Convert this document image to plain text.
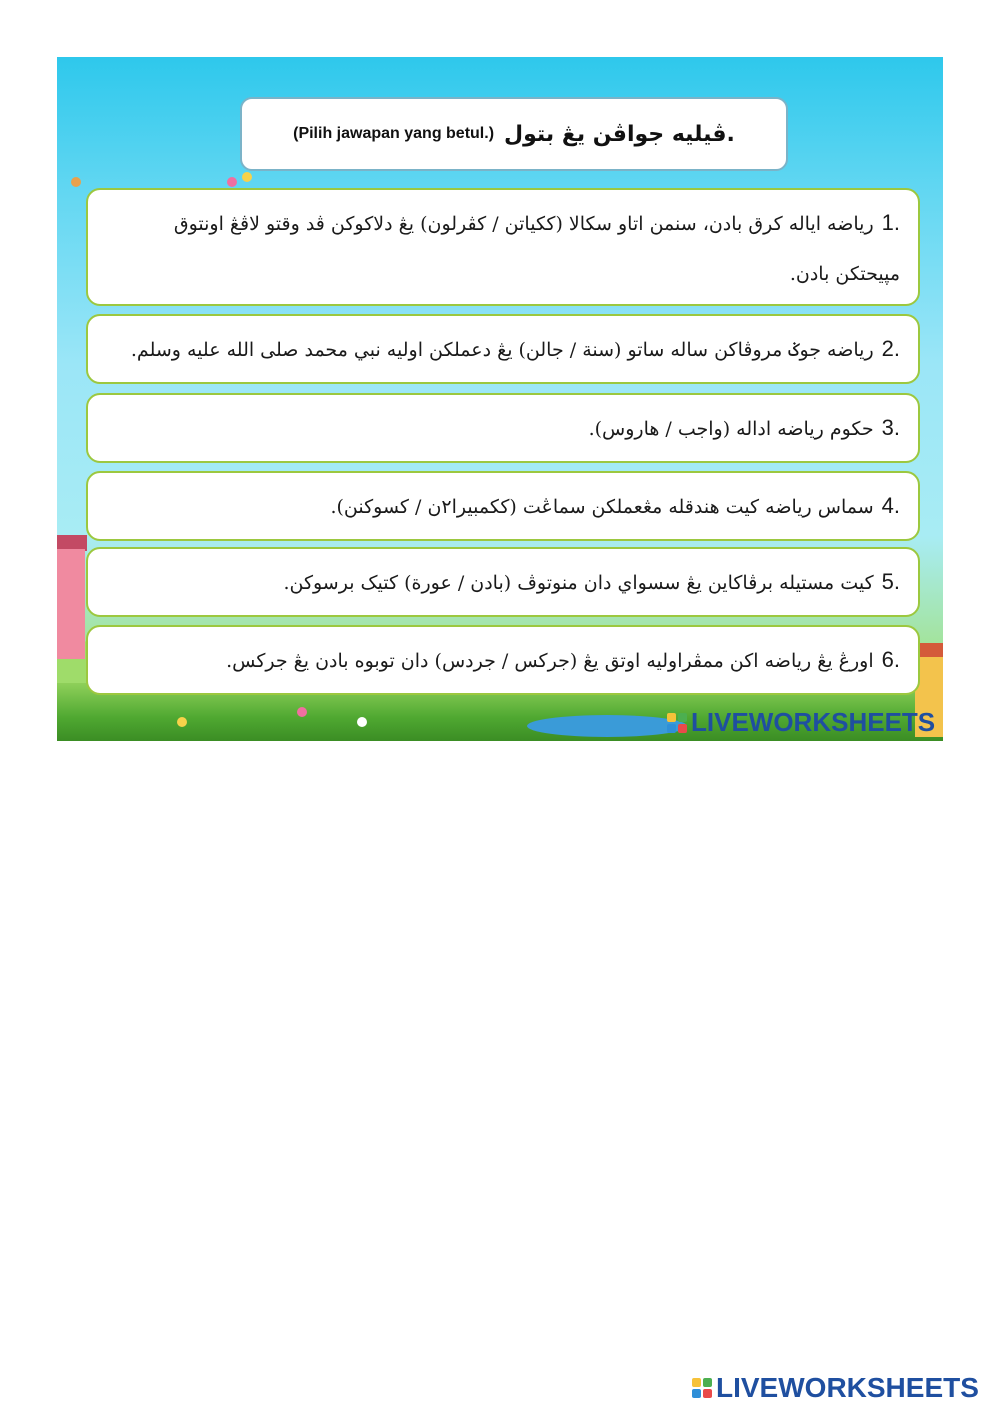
(Pilih jawapan yang betul.) ڤيليه جواڤن يڠ بتول.
1.رياضه اياله کرق بادن، سنمن اتاو سکالا (ککياتن / کڤرلون) يڠ دلاکوکن ڤد وقتو لاڤڠ اونتوق مپيحتکن بادن.
2.رياضه جوݢ مروڤاکن ساله ساتو (سنة / جالن) يڠ دعملکن اوليه نبي محمد صلى الله عليه وسلم.
3.حکوم رياضه اداله (واجب / هاروس).
4.سماس رياضه کيت هندقله مڠعملکن سماڠت (ککمبيرا٢ن / کسوکنن).
5.کيت مستيله برڤاکاين يڠ سسواي دان منوتوڤ (بادن / عورة) کتيک برسوکن.
6.اورڠ يڠ رياضه اکن ممڤراوليه اوتق يڠ (جرکس / جردس) دان توبوه بادن يڠ جرکس.
LIVEWORKSHEETS
LIVEWORKSHEETS
